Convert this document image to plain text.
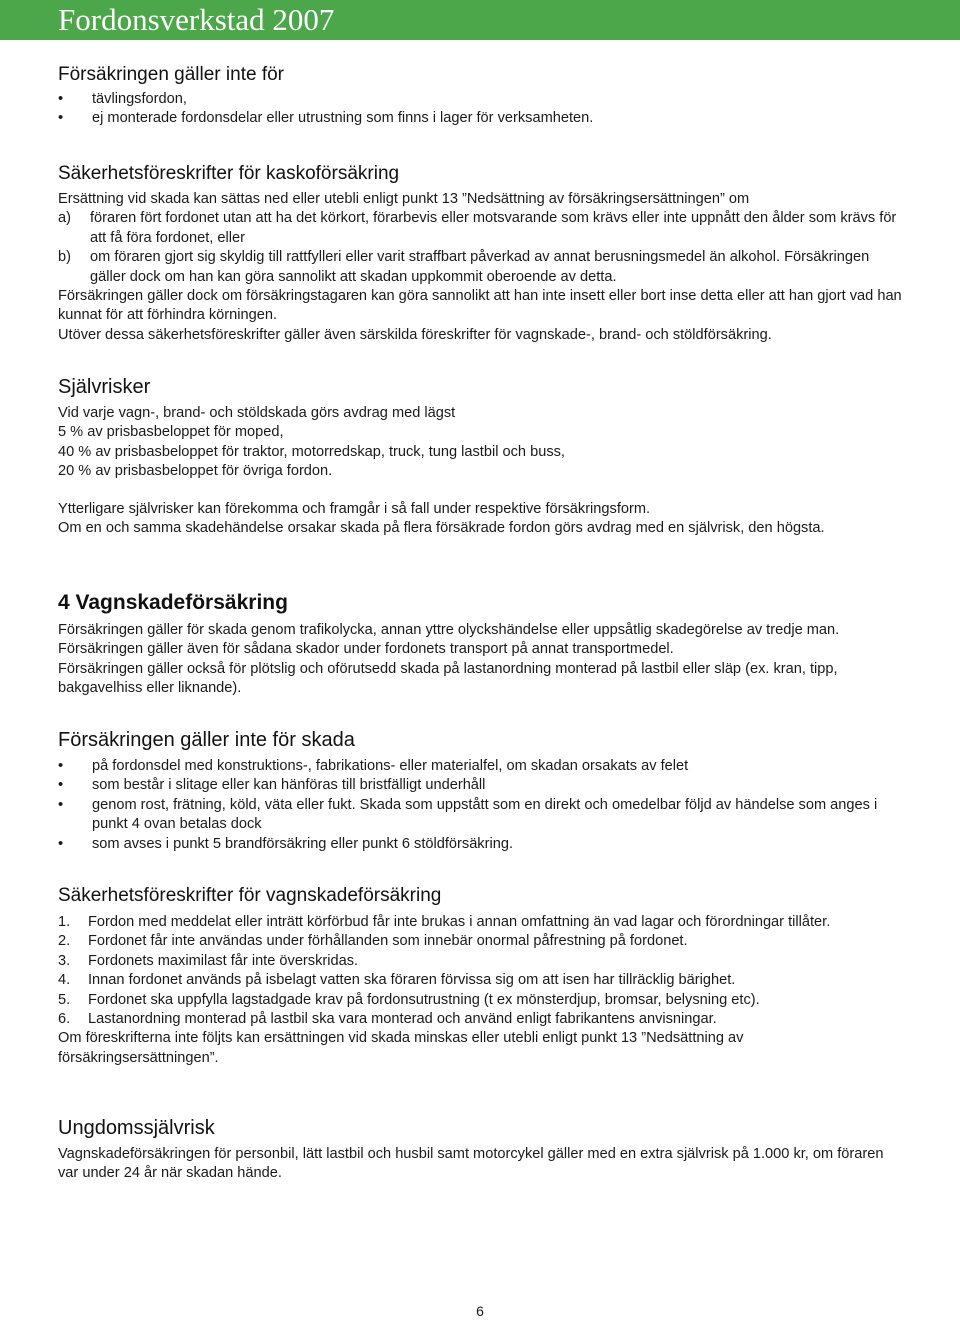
Fordonsverkstad 2007
Försäkringen gäller inte för
• tävlingsfordon,
• ej monterade fordonsdelar eller utrustning som finns i lager för verksamheten.
Säkerhetsföreskrifter för kaskoförsäkring

Ersättning vid skada kan sättas ned eller utebli enligt punkt 13 ”Nedsättning av försäkringsersättningen” om

a) föraren fört fordonet utan att ha det körkort, förarbevis eller motsvarande som krävs eller inte uppnått den ålder som krävs för att få föra fordonet, eller
b) om föraren gjort sig skyldig till rattfylleri eller varit straffbart påverkad av annat berusningsmedel än alkohol. Försäkringen gäller dock om han kan göra sannolikt att skadan uppkommit oberoende av detta.

Försäkringen gäller dock om försäkringstagaren kan göra sannolikt att han inte insett eller bort inse detta eller att han gjort vad han kunnat för att förhindra körningen.

Utöver dessa säkerhetsföreskrifter gäller även särskilda föreskrifter för vagnskade-, brand- och stöldförsäkring.

Självrisker

Vid varje vagn-, brand- och stöldskada görs avdrag med lägst

5 % av prisbasbeloppet för moped,

40 % av prisbasbeloppet för traktor, motorredskap, truck, tung lastbil och buss,

20 % av prisbasbeloppet för övriga fordon.

Ytterligare självrisker kan förekomma och framgår i så fall under respektive försäkringsform.

Om en och samma skadehändelse orsakar skada på flera försäkrade fordon görs avdrag med en självrisk, den högsta.

4 Vagnskadeförsäkring

Försäkringen gäller för skada genom trafikolycka, annan yttre olyckshändelse eller uppsåtlig skadegörelse av tredje man. Försäkringen gäller även för sådana skador under fordonets transport på annat transportmedel.

Försäkringen gäller också för plötslig och oförutsedd skada på lastanordning monterad på lastbil eller släp (ex. kran, tipp, bakgavelhiss eller liknande).

Försäkringen gäller inte för skada
• på fordonsdel med konstruktions-, fabrikations- eller materialfel, om skadan orsakats av felet
• som består i slitage eller kan hänföras till bristfälligt underhåll
• genom rost, frätning, köld, väta eller fukt. Skada som uppstått som en direkt och omedelbar följd av händelse som anges i punkt 4 ovan betalas dock
• som avses i punkt 5 brandförsäkring eller punkt 6 stöldförsäkring.
Säkerhetsföreskrifter för vagnskadeförsäkring
1. Fordon med meddelat eller inträtt körförbud får inte brukas i annan omfattning än vad lagar och förordningar tillåter.
2. Fordonet får inte användas under förhållanden som innebär onormal påfrestning på fordonet.
3. Fordonets maximilast får inte överskridas.
4. Innan fordonet används på isbelagt vatten ska föraren förvissa sig om att isen har tillräcklig bärighet.
5. Fordonet ska uppfylla lagstadgade krav på fordonsutrustning (t ex mönsterdjup, bromsar, belysning etc).
6. Lastanordning monterad på lastbil ska vara monterad och använd enligt fabrikantens anvisningar.

Om föreskrifterna inte följts kan ersättningen vid skada minskas eller utebli enligt punkt 13 ”Nedsättning av försäkringsersättningen”.

Ungdomssjälvrisk

Vagnskadeförsäkringen för personbil, lätt lastbil och husbil samt motorcykel gäller med en extra självrisk på 1.000 kr, om föraren var under 24 år när skadan hände.

6
